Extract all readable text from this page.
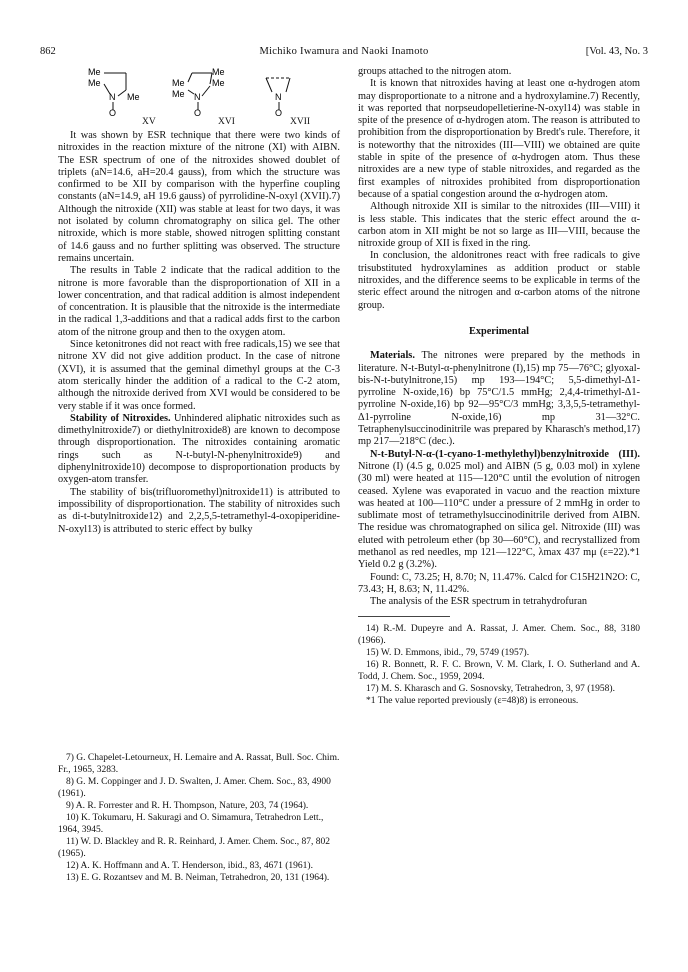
862	Michiko Iwamura and Naoki Inamoto	[Vol. 43, No. 3
Me
Me
N Me
O
XV
Me
Me	Me
Me N
O
XVI
N
O
XVII

It was shown by ESR technique that there were two kinds of nitroxides in the reaction mixture of the nitrone (XI) with AIBN. The ESR spectrum of one of the nitroxides showed doublet of triplets (aN=14.6, aH=20.4 gauss), from which the structure was confirmed to be XII by comparison with the hyperfine coupling constants (aN=14.9, aH 19.6 gauss) of pyrrolidine-N-oxyl (XVII).7) Although the nitroxide (XII) was stable at least for two days, it was not isolated by column chromatography on silica gel. The other nitroxide, which is more stable, showed nitrogen splitting constant of 14.6 gauss and no further splitting was observed. The structure remains uncertain.

The results in Table 2 indicate that the radical addition to the nitrone is more favorable than the disproportionation of XII in a lower concentration, and that radical addition is almost independent of concentration. It is plausible that the nitroxide is the intermediate in the radical 1,3-additions and that a radical adds first to the carbon atom of the nitrone group and then to the oxygen atom.

Since ketonitrones did not react with free radicals,15) we see that nitrone XV did not give addition product. In the case of nitrone (XVI), it is assumed that the geminal dimethyl groups at the C-3 atom sterically hinder the addition of a radical to the C-2 atom, although the nitroxide derived from XVI would be considered to be very stable if it was once formed.

Stability of Nitroxides. Unhindered aliphatic nitroxides such as dimethylnitroxide7) or diethylnitroxide8) are known to decompose through disproportionation. The nitroxides containing aromatic rings such as N-t-butyl-N-phenylnitroxide9) and diphenylnitroxide10) decompose to disproportionation products by oxygen-atom transfer.

The stability of bis(trifluoromethyl)nitroxide11) is attributed to impossibility of disproportionation. The stability of nitroxides such as di-t-butylnitroxide12) and 2,2,5,5-tetramethyl-4-oxopiperidine-N-oxyl13) is attributed to steric effect by bulky

7) G. Chapelet-Letourneux, H. Lemaire and A. Rassat, Bull. Soc. Chim. Fr., 1965, 3283.
8) G. M. Coppinger and J. D. Swalten, J. Amer. Chem. Soc., 83, 4900 (1961).
9) A. R. Forrester and R. H. Thompson, Nature, 203, 74 (1964).
10) K. Tokumaru, H. Sakuragi and O. Simamura, Tetrahedron Lett., 1964, 3945.
11) W. D. Blackley and R. R. Reinhard, J. Amer. Chem. Soc., 87, 802 (1965).
12) A. K. Hoffmann and A. T. Henderson, ibid., 83, 4671 (1961).
13) E. G. Rozantsev and M. B. Neiman, Tetrahedron, 20, 131 (1964).

groups attached to the nitrogen atom.

It is known that nitroxides having at least one α-hydrogen atom may disproportionate to a nitrone and a hydroxylamine.7) Recently, it was reported that norpseudopelletierine-N-oxyl14) was stable in spite of the presence of α-hydrogen atom. The reason is attributed to prohibition from the disproportionation by Bredt's rule. Therefore, it is noteworthy that the nitroxides (III—VIII) we obtained are quite stable in spite of the presence of α-hydrogen atom. Thus these nitroxides are a new type of stable nitroxides, and regarded as the first examples of nitroxides prohibited from disproportionation because of a spatial congestion around the α-hydrogen atom.

Although nitroxide XII is similar to the nitroxides (III—VIII) it is less stable. This indicates that the steric effect around the α-carbon atom in XII might be not so large as III—VIII, because the nitroxide group of XII is fixed in the ring.

In conclusion, the aldonitrones react with free radicals to give trisubstituted hydroxylamines as addition product or stable nitroxides, and the difference seems to be explicable in terms of the steric effect around the nitrogen and α-carbon atoms of the nitrone group.

Experimental

Materials. The nitrones were prepared by the methods in literature. N-t-Butyl-α-phenylnitrone (I),15) mp 75—76°C; glyoxal-bis-N-t-butylnitrone,15) mp 193—194°C; 5,5-dimethyl-Δ1-pyrroline N-oxide,16) bp 75°C/1.5 mmHg; 2,4,4-trimethyl-Δ1-pyrroline N-oxide,16) bp 92—95°C/3 mmHg; 3,3,5,5-tetramethyl-Δ1-pyrroline N-oxide,16) mp 31—32°C. Tetraphenylsuccinodinitrile was prepared by Kharasch's method,17) mp 217—218°C (dec.).

N-t-Butyl-N-α-(1-cyano-1-methylethyl)benzylnitroxide (III). Nitrone (I) (4.5 g, 0.025 mol) and AIBN (5 g, 0.03 mol) in xylene (30 ml) were heated at 115—120°C until the evolution of nitrogen ceased. Xylene was evaporated in vacuo and the reaction mixture was heated at 100—110°C under a pressure of 2 mmHg in order to sublimate most of tetramethylsuccinodinitrile derived from AIBN. The residue was chromatographed on silica gel. Nitroxide (III) was eluted with petroleum ether (bp 30—60°C), and recrystallized from methanol as red needles, mp 121—122°C, λmax 437 mμ (ε=22).*1 Yield 0.2 g (3.2%).

Found: C, 73.25; H, 8.70; N, 11.47%. Calcd for C15H21N2O: C, 73.43; H, 8.63; N, 11.42%.

The analysis of the ESR spectrum in tetrahydrofuran

14) R.-M. Dupeyre and A. Rassat, J. Amer. Chem. Soc., 88, 3180 (1966).
15) W. D. Emmons, ibid., 79, 5749 (1957).
16) R. Bonnett, R. F. C. Brown, V. M. Clark, I. O. Sutherland and A. Todd, J. Chem. Soc., 1959, 2094.
17) M. S. Kharasch and G. Sosnovsky, Tetrahedron, 3, 97 (1958).
*1 The value reported previously (ε=48)8) is erroneous.
